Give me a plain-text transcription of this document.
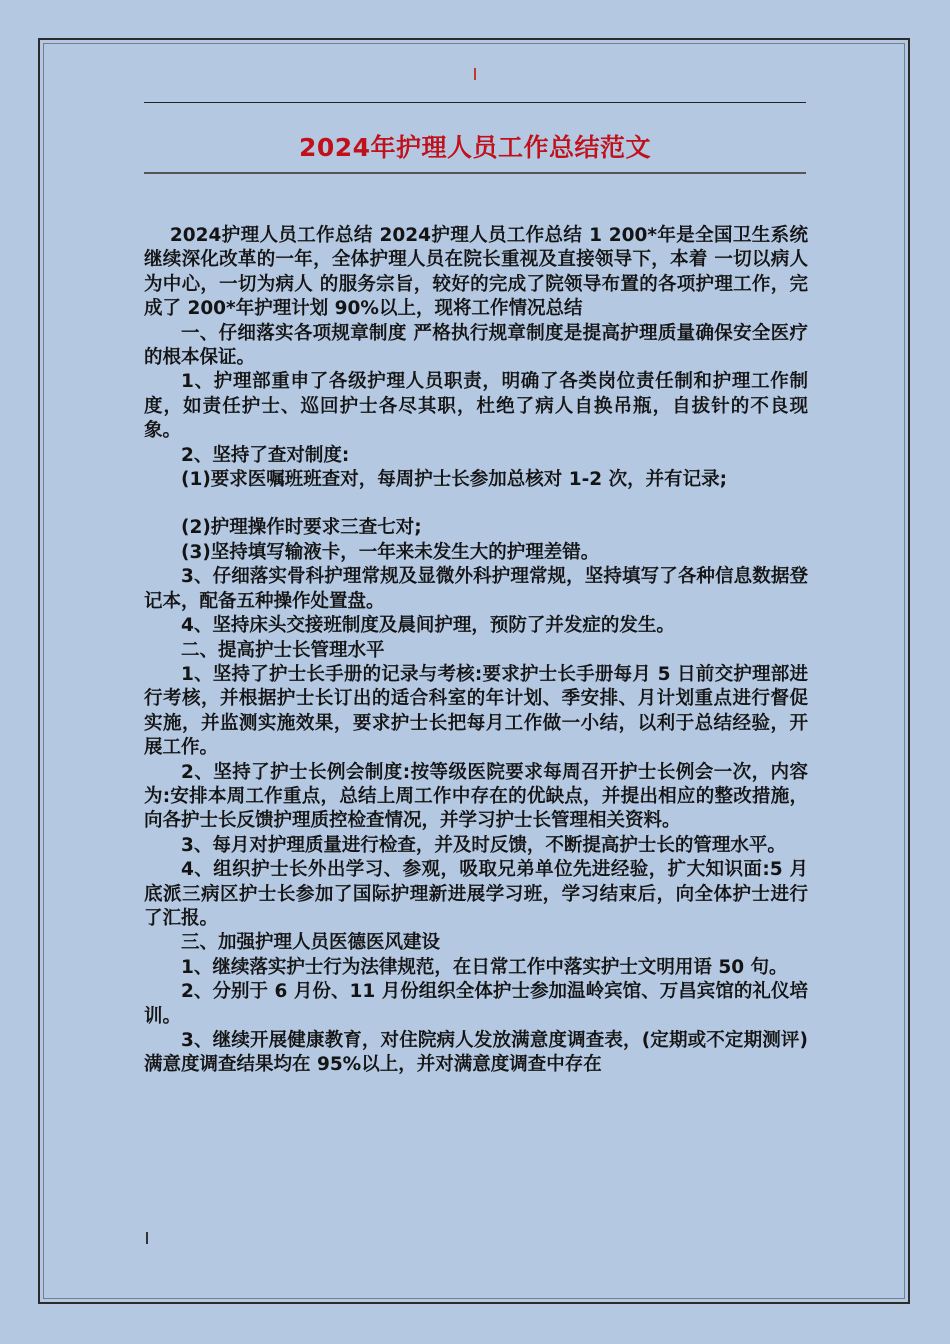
2024年护理人员工作总结范文

2024护理人员工作总结 2024护理人员工作总结 1 200*年是全国卫生系统继续深化改革的一年，全体护理人员在院长重视及直接领导下，本着 一切以病人为中心，一切为病人 的服务宗旨，较好的完成了院领导布置的各项护理工作，完成了 200*年护理计划 90%以上，现将工作情况总结

一、仔细落实各项规章制度 严格执行规章制度是提高护理质量确保安全医疗的根本保证。

1、护理部重申了各级护理人员职责，明确了各类岗位责任制和护理工作制度，如责任护士、巡回护士各尽其职，杜绝了病人自换吊瓶，自拔针的不良现象。

2、坚持了查对制度:

(1)要求医嘱班班查对，每周护士长参加总核对 1-2 次，并有记录;

(2)护理操作时要求三查七对;

(3)坚持填写输液卡，一年来未发生大的护理差错。

3、仔细落实骨科护理常规及显微外科护理常规，坚持填写了各种信息数据登记本，配备五种操作处置盘。

4、坚持床头交接班制度及晨间护理，预防了并发症的发生。

二、提高护士长管理水平

1、坚持了护士长手册的记录与考核:要求护士长手册每月 5 日前交护理部进行考核，并根据护士长订出的适合科室的年计划、季安排、月计划重点进行督促实施，并监测实施效果，要求护士长把每月工作做一小结，以利于总结经验，开展工作。

2、坚持了护士长例会制度:按等级医院要求每周召开护士长例会一次，内容为:安排本周工作重点，总结上周工作中存在的优缺点，并提出相应的整改措施，向各护士长反馈护理质控检查情况，并学习护士长管理相关资料。

3、每月对护理质量进行检查，并及时反馈，不断提高护士长的管理水平。

4、组织护士长外出学习、参观，吸取兄弟单位先进经验，扩大知识面:5 月底派三病区护士长参加了国际护理新进展学习班，学习结束后，向全体护士进行了汇报。

三、加强护理人员医德医风建设

1、继续落实护士行为法律规范，在日常工作中落实护士文明用语 50 句。

2、分别于 6 月份、11 月份组织全体护士参加温岭宾馆、万昌宾馆的礼仪培训。

3、继续开展健康教育，对住院病人发放满意度调查表，(定期或不定期测评)满意度调查结果均在 95%以上，并对满意度调查中存在
